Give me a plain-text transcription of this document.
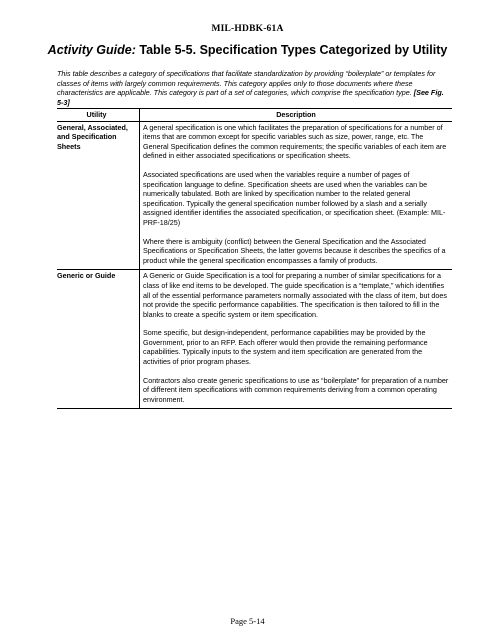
MIL-HDBK-61A
Activity Guide: Table 5-5. Specification Types Categorized by Utility
This table describes a category of specifications that facilitate standardization by providing “boilerplate” or templates for classes of items with largely common requirements. This category applies only to those documents where these characteristics are applicable. This category is part of a set of categories, which comprise the specification type. [See Fig. 5-3]
Utility	Description
General, Associated, and Specification Sheets	A general specification is one which facilitates the preparation of specifications for a number of items that are common except for specific variables such as size, power, range, etc. The General Specification defines the common requirements; the specific variables of each item are defined in either associated specifications or specification sheets.

Associated specifications are used when the variables require a number of pages of specification language to define. Specification sheets are used when the variables can be numerically tabulated. Both are linked by specification number to the related general specification. Typically the general specification number followed by a slash and a serially assigned identifier identifies the associated specification, or specification sheet. (Example: MIL-PRF-18/25)

Where there is ambiguity (conflict) between the General Specification and the Associated Specifications or Specification Sheets, the latter governs because it describes the specifics of a product while the general specification encompasses a family of products.

Generic or Guide	A Generic or Guide Specification is a tool for preparing a number of similar specifications for a class of like end items to be developed. The guide specification is a “template,” which identifies all of the essential performance parameters normally associated with the class of item, but does not provide the specific performance capabilities. The specification is then tailored to fill in the blanks to create a specific system or item specification.

Some specific, but design-independent, performance capabilities may be provided by the Government, prior to an RFP. Each offerer would then provide the remaining performance capabilities. Typically inputs to the system and item specification are generated from the activities of prior program phases.

Contractors also create generic specifications to use as “boilerplate” for preparation of a number of different item specifications with common requirements deriving from a common operating environment.

Page 5-14
